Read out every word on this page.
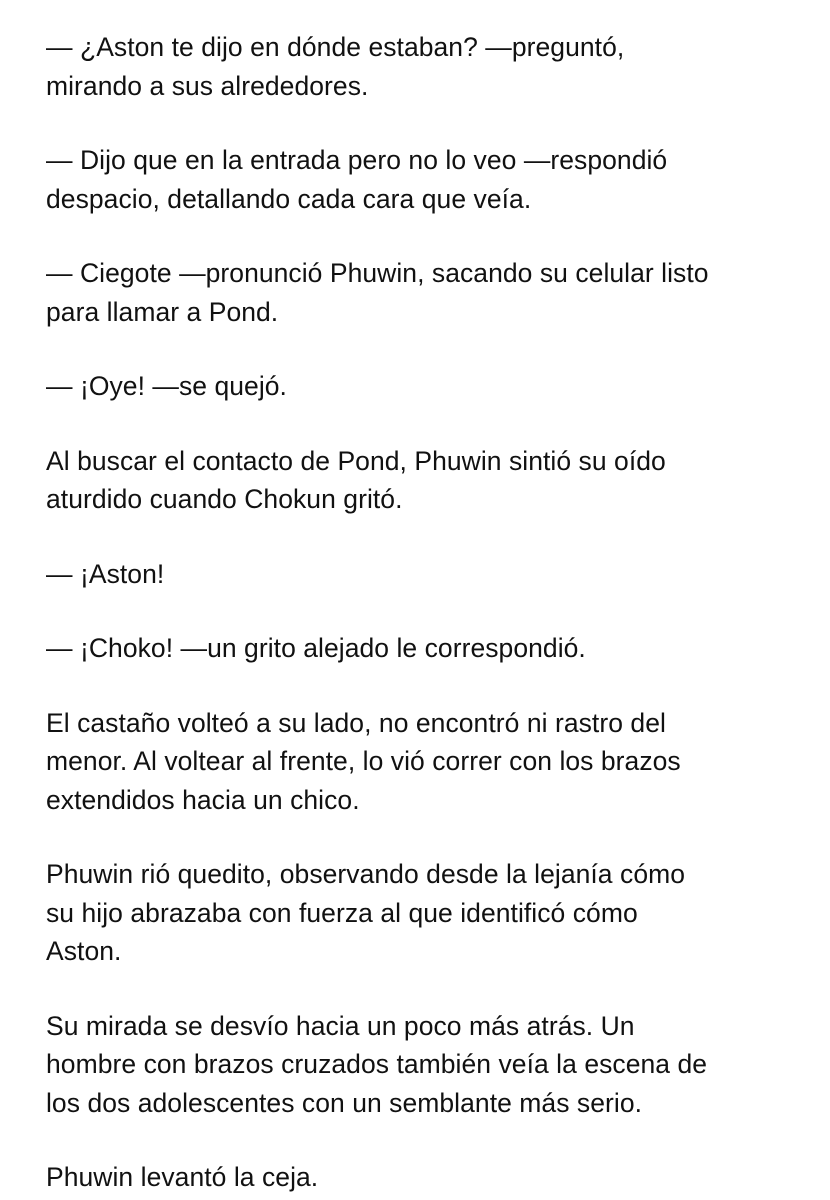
— ¿Aston te dijo en dónde estaban? —preguntó,
mirando a sus alrededores.

— Dijo que en la entrada pero no lo veo —respondió
despacio, detallando cada cara que veía.

— Ciegote —pronunció Phuwin, sacando su celular listo
para llamar a Pond.

— ¡Oye! —se quejó.

Al buscar el contacto de Pond, Phuwin sintió su oído
aturdido cuando Chokun gritó.

— ¡Aston!

— ¡Choko! —un grito alejado le correspondió.

El castaño volteó a su lado, no encontró ni rastro del
menor. Al voltear al frente, lo vió correr con los brazos
extendidos hacia un chico.

Phuwin rió quedito, observando desde la lejanía cómo
su hijo abrazaba con fuerza al que identificó cómo
Aston.

Su mirada se desvío hacia un poco más atrás. Un
hombre con brazos cruzados también veía la escena de
los dos adolescentes con un semblante más serio.

Phuwin levantó la ceja.
